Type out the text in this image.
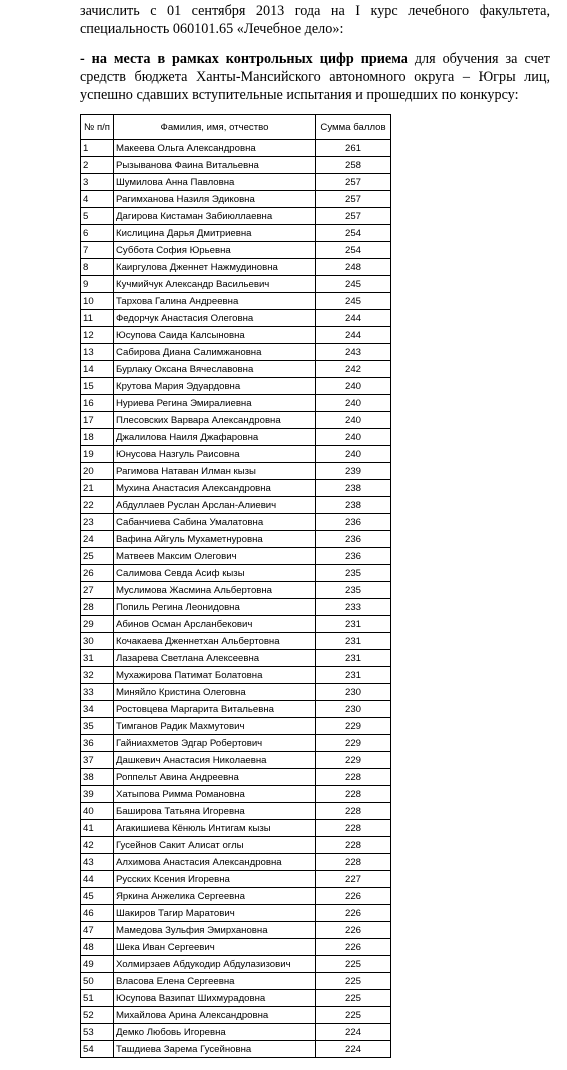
зачислить с 01 сентября 2013 года на I курс лечебного факультета, специальность 060101.65 «Лечебное дело»:

- на места в рамках контрольных цифр приема для обучения за счет средств бюджета Ханты-Мансийского автономного округа – Югры лиц, успешно сдавших вступительные испытания и прошедших по конкурсу:

№ п/п	Фамилия, имя, отчество	Сумма баллов
1	Макеева Ольга Александровна	261
2	Рызыванова Фаина Витальевна	258
3	Шумилова Анна Павловна	257
4	Рагимханова Назиля Эдиковна	257
5	Дагирова Кистаман Забиюллаевна	257
6	Кислицина Дарья Дмитриевна	254
7	Суббота София Юрьевна	254
8	Каиргулова Дженнет Нажмудиновна	248
9	Кучмийчук Александр Васильевич	245
10	Тархова Галина Андреевна	245
11	Федорчук Анастасия Олеговна	244
12	Юсупова Саида Калсыновна	244
13	Сабирова Диана Салимжановна	243
14	Бурлаку Оксана Вячеславовна	242
15	Крутова Мария Эдуардовна	240
16	Нуриева Регина Эмиралиевна	240
17	Плесовских Варвара Александровна	240
18	Джалилова Наиля Джафаровна	240
19	Юнусова Назгуль Раисовна	240
20	Рагимова Натаван Илман кызы	239
21	Мухина Анастасия Александровна	238
22	Абдуллаев Руслан Арслан-Алиевич	238
23	Сабанчиева Сабина Умалатовна	236
24	Вафина Айгуль Мухаметнуровна	236
25	Матвеев Максим Олегович	236
26	Салимова Севда Асиф кызы	235
27	Муслимова Жасмина Альбертовна	235
28	Попиль Регина Леонидовна	233
29	Абинов Осман Арсланбекович	231
30	Кочакаева Дженнетхан Альбертовна	231
31	Лазарева Светлана Алексеевна	231
32	Мухажирова Патимат Болатовна	231
33	Миняйло Кристина Олеговна	230
34	Ростовцева Маргарита Витальевна	230
35	Тимганов Радик Махмутович	229
36	Гайниахметов Эдгар Робертович	229
37	Дашкевич Анастасия Николаевна	229
38	Роппельт Авина Андреевна	228
39	Хатыпова Римма Романовна	228
40	Баширова Татьяна Игоревна	228
41	Агакишиева Кёнюль Интигам кызы	228
42	Гусейнов Сакит Алисат оглы	228
43	Алхимова Анастасия Александровна	228
44	Русских Ксения Игоревна	227
45	Яркина Анжелика Сергеевна	226
46	Шакиров Тагир Маратович	226
47	Мамедова Зульфия Эмирхановна	226
48	Шека Иван Сергеевич	226
49	Холмирзаев Абдукодир Абдулазизович	225
50	Власова Елена Сергеевна	225
51	Юсупова Вазипат Шихмурадовна	225
52	Михайлова Арина Александровна	225
53	Демко Любовь Игоревна	224
54	Ташдиева Зарема Гусейновна	224
